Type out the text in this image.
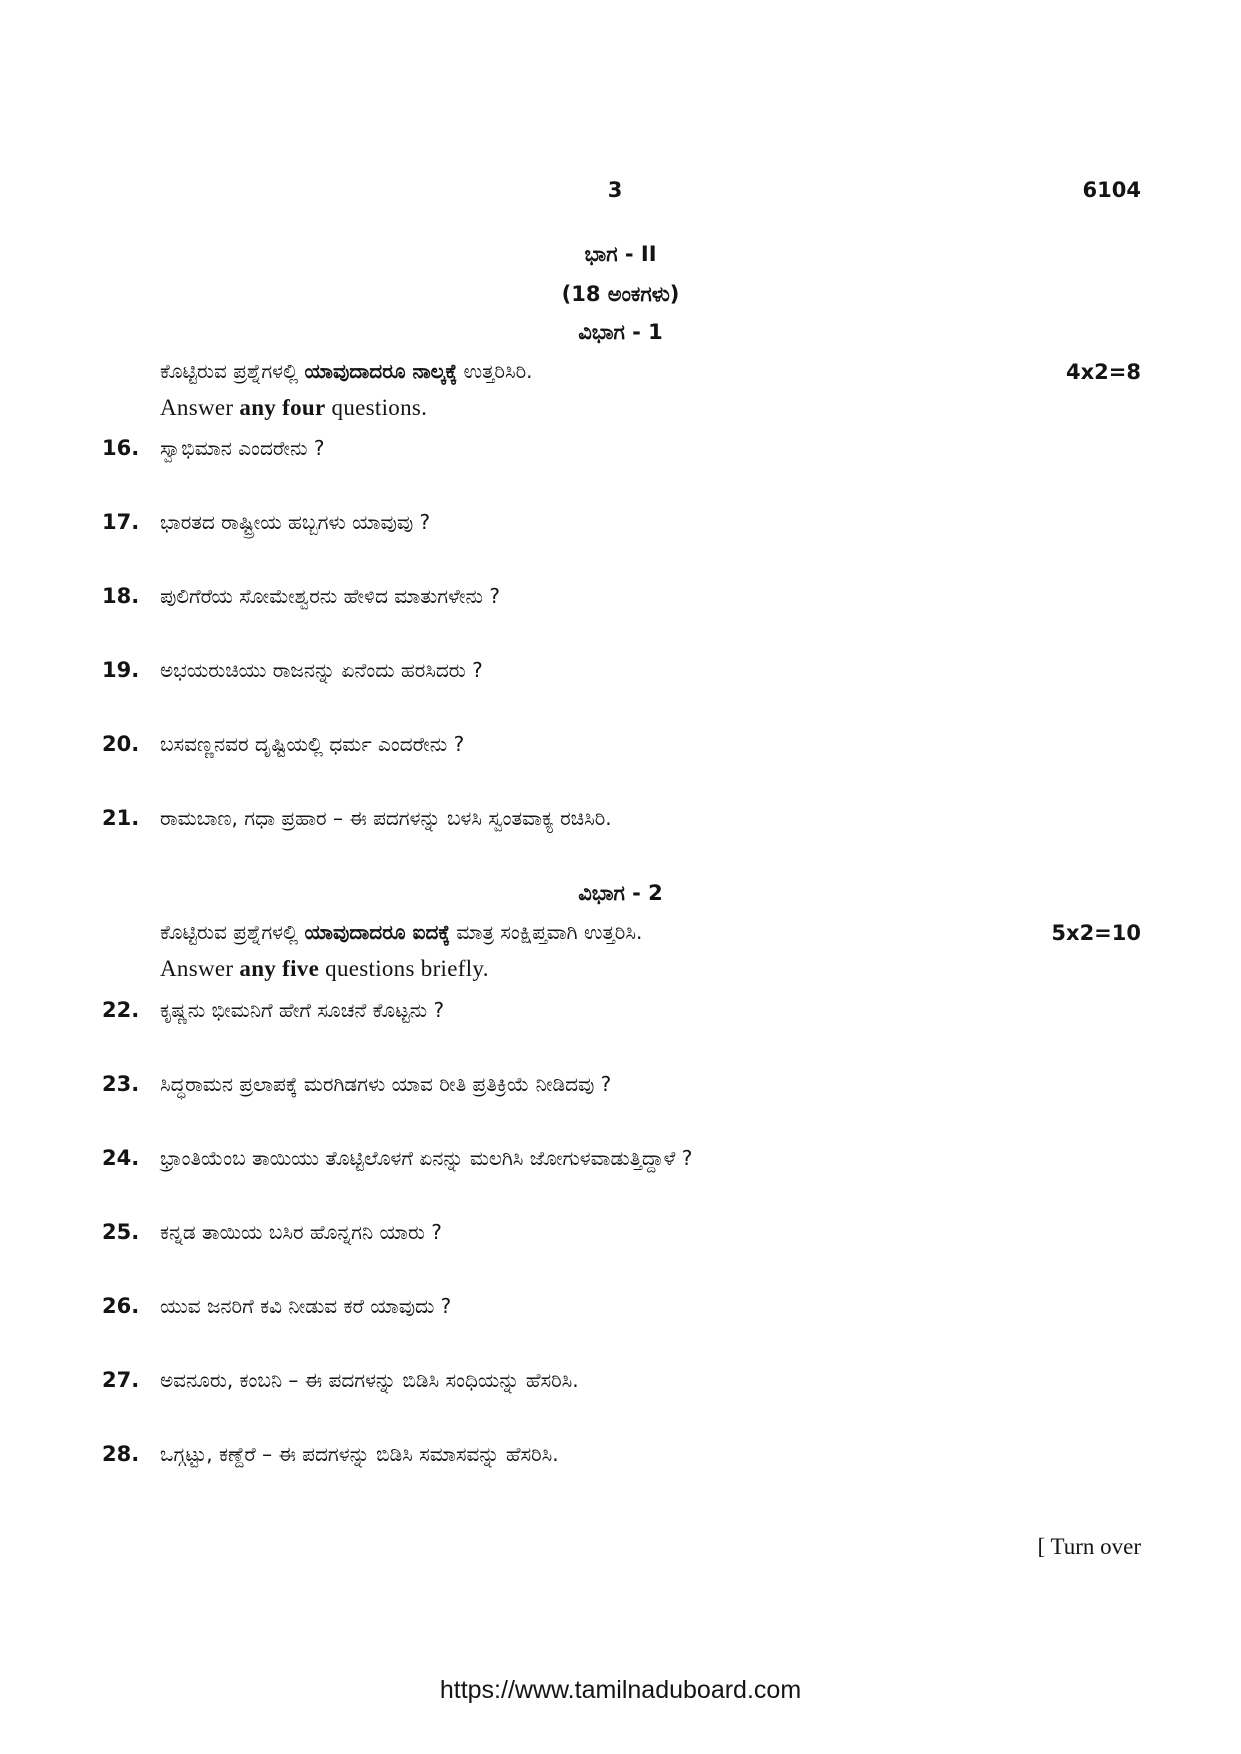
3	6104
ಭಾಗ - II
(18 ಅಂಕಗಳು)
ವಿಭಾಗ - 1
ಕೊಟ್ಟಿರುವ ಪ್ರಶ್ನೆಗಳಲ್ಲಿ ಯಾವುದಾದರೂ ನಾಲ್ಕಕ್ಕೆ ಉತ್ತರಿಸಿರಿ.	4x2=8
Answer any four questions.
16.	ಸ್ವಾಭಿಮಾನ ಎಂದರೇನು ?
17.	ಭಾರತದ ರಾಷ್ಟ್ರೀಯ ಹಬ್ಬಗಳು ಯಾವುವು ?
18.	ಪುಲಿಗೆರೆಯ ಸೋಮೇಶ್ವರನು ಹೇಳಿದ ಮಾತುಗಳೇನು ?
19.	ಅಭಯರುಚಿಯು ರಾಜನನ್ನು ಏನೆಂದು ಹರಸಿದರು ?
20.	ಬಸವಣ್ಣನವರ ದೃಷ್ಟಿಯಲ್ಲಿ ಧರ್ಮ ಎಂದರೇನು ?
21.	ರಾಮಬಾಣ, ಗಧಾ ಪ್ರಹಾರ – ಈ ಪದಗಳನ್ನು ಬಳಸಿ ಸ್ವಂತವಾಕ್ಯ ರಚಿಸಿರಿ.
ವಿಭಾಗ - 2
ಕೊಟ್ಟಿರುವ ಪ್ರಶ್ನೆಗಳಲ್ಲಿ ಯಾವುದಾದರೂ ಐದಕ್ಕೆ ಮಾತ್ರ ಸಂಕ್ಷಿಪ್ತವಾಗಿ ಉತ್ತರಿಸಿ.	5x2=10
Answer any five questions briefly.
22.	ಕೃಷ್ಣನು ಭೀಮನಿಗೆ ಹೇಗೆ ಸೂಚನೆ ಕೊಟ್ಟನು ?
23.	ಸಿದ್ಧರಾಮನ ಪ್ರಲಾಪಕ್ಕೆ ಮರಗಿಡಗಳು ಯಾವ ರೀತಿ ಪ್ರತಿಕ್ರಿಯೆ ನೀಡಿದವು ?
24.	ಭ್ರಾಂತಿಯೆಂಬ ತಾಯಿಯು ತೊಟ್ಟಿಲೊಳಗೆ ಏನನ್ನು ಮಲಗಿಸಿ ಜೋಗುಳವಾಡುತ್ತಿದ್ದಾಳೆ ?
25.	ಕನ್ನಡ ತಾಯಿಯ ಬಸಿರ ಹೊನ್ನಗನಿ ಯಾರು ?
26.	ಯುವ ಜನರಿಗೆ ಕವಿ ನೀಡುವ ಕರೆ ಯಾವುದು ?
27.	ಅವನೂರು, ಕಂಬನಿ – ಈ ಪದಗಳನ್ನು ಬಿಡಿಸಿ ಸಂಧಿಯನ್ನು ಹೆಸರಿಸಿ.
28.	ಒಗ್ಗಟ್ಟು, ಕಣ್ದೆರೆ – ಈ ಪದಗಳನ್ನು ಬಿಡಿಸಿ ಸಮಾಸವನ್ನು ಹೆಸರಿಸಿ.
[ Turn over
https://www.tamilnaduboard.com
